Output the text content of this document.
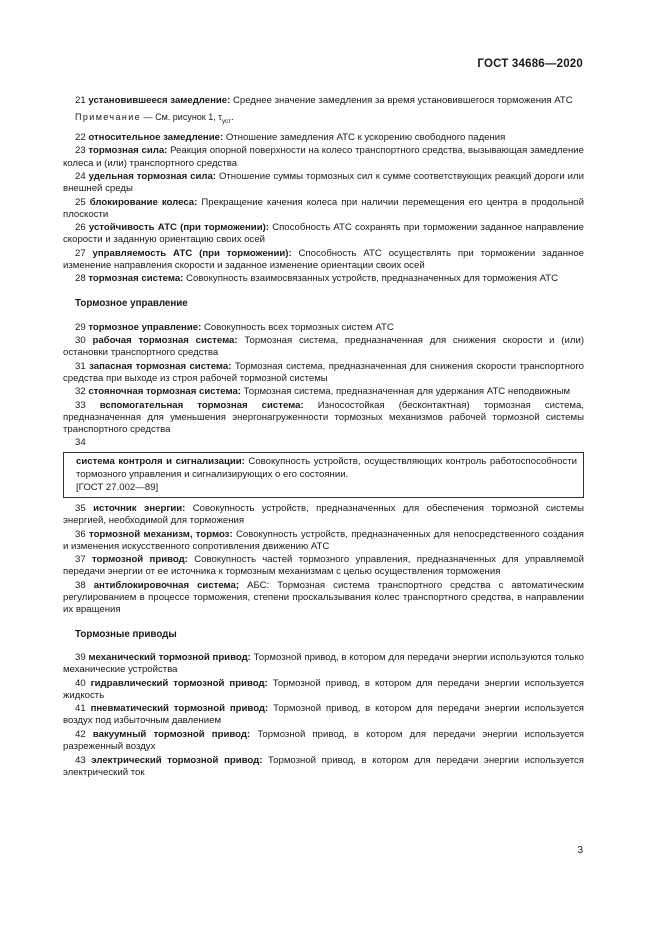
ГОСТ 34686—2020

21 установившееся замедление: Среднее значение замедления за время установившегося торможения АТС

Примечание — См. рисунок 1, $\tau_{уст}$.

22 относительное замедление: Отношение замедления АТС к ускорению свободного падения

23 тормозная сила: Реакция опорной поверхности на колесо транспортного средства, вызывающая замедление колеса и (или) транспортного средства

24 удельная тормозная сила: Отношение суммы тормозных сил к сумме соответствующих реакций дороги или внешней среды

25 блокирование колеса: Прекращение качения колеса при наличии перемещения его центра в продольной плоскости

26 устойчивость АТС (при торможении): Способность АТС сохранять при торможении заданное направление скорости и заданную ориентацию своих осей

27 управляемость АТС (при торможении): Способность АТС осуществлять при торможении заданное изменение направления скорости и заданное изменение ориентации своих осей

28 тормозная система: Совокупность взаимосвязанных устройств, предназначенных для торможения АТС

Тормозное управление

29 тормозное управление: Совокупность всех тормозных систем АТС

30 рабочая тормозная система: Тормозная система, предназначенная для снижения скорости и (или) остановки транспортного средства

31 запасная тормозная система: Тормозная система, предназначенная для снижения скорости транспортного средства при выходе из строя рабочей тормозной системы

32 стояночная тормозная система: Тормозная система, предназначенная для удержания АТС неподвижным

33 вспомогательная тормозная система: Износостойкая (бесконтактная) тормозная система, предназначенная для уменьшения энергонагруженности тормозных механизмов рабочей тормозной системы транспортного средства

34

система контроля и сигнализации: Совокупность устройств, осуществляющих контроль работоспособности тормозного управления и сигнализирующих о его состоянии.

[ГОСТ 27.002—89]

35 источник энергии: Совокупность устройств, предназначенных для обеспечения тормозной системы энергией, необходимой для торможения

36 тормозной механизм, тормоз: Совокупность устройств, предназначенных для непосредственного создания и изменения искусственного сопротивления движению АТС

37 тормозной привод: Совокупность частей тормозного управления, предназначенных для управляемой передачи энергии от ее источника к тормозным механизмам с целью осуществления торможения

38 антиблокировочная система; АБС: Тормозная система транспортного средства с автоматическим регулированием в процессе торможения, степени проскальзывания колес транспортного средства, в направлении их вращения

Тормозные приводы

39 механический тормозной привод: Тормозной привод, в котором для передачи энергии используются только механические устройства

40 гидравлический тормозной привод: Тормозной привод, в котором для передачи энергии используется жидкость

41 пневматический тормозной привод: Тормозной привод, в котором для передачи энергии используется воздух под избыточным давлением

42 вакуумный тормозной привод: Тормозной привод, в котором для передачи энергии используется разреженный воздух

43 электрический тормозной привод: Тормозной привод, в котором для передачи энергии используется электрический ток

3
